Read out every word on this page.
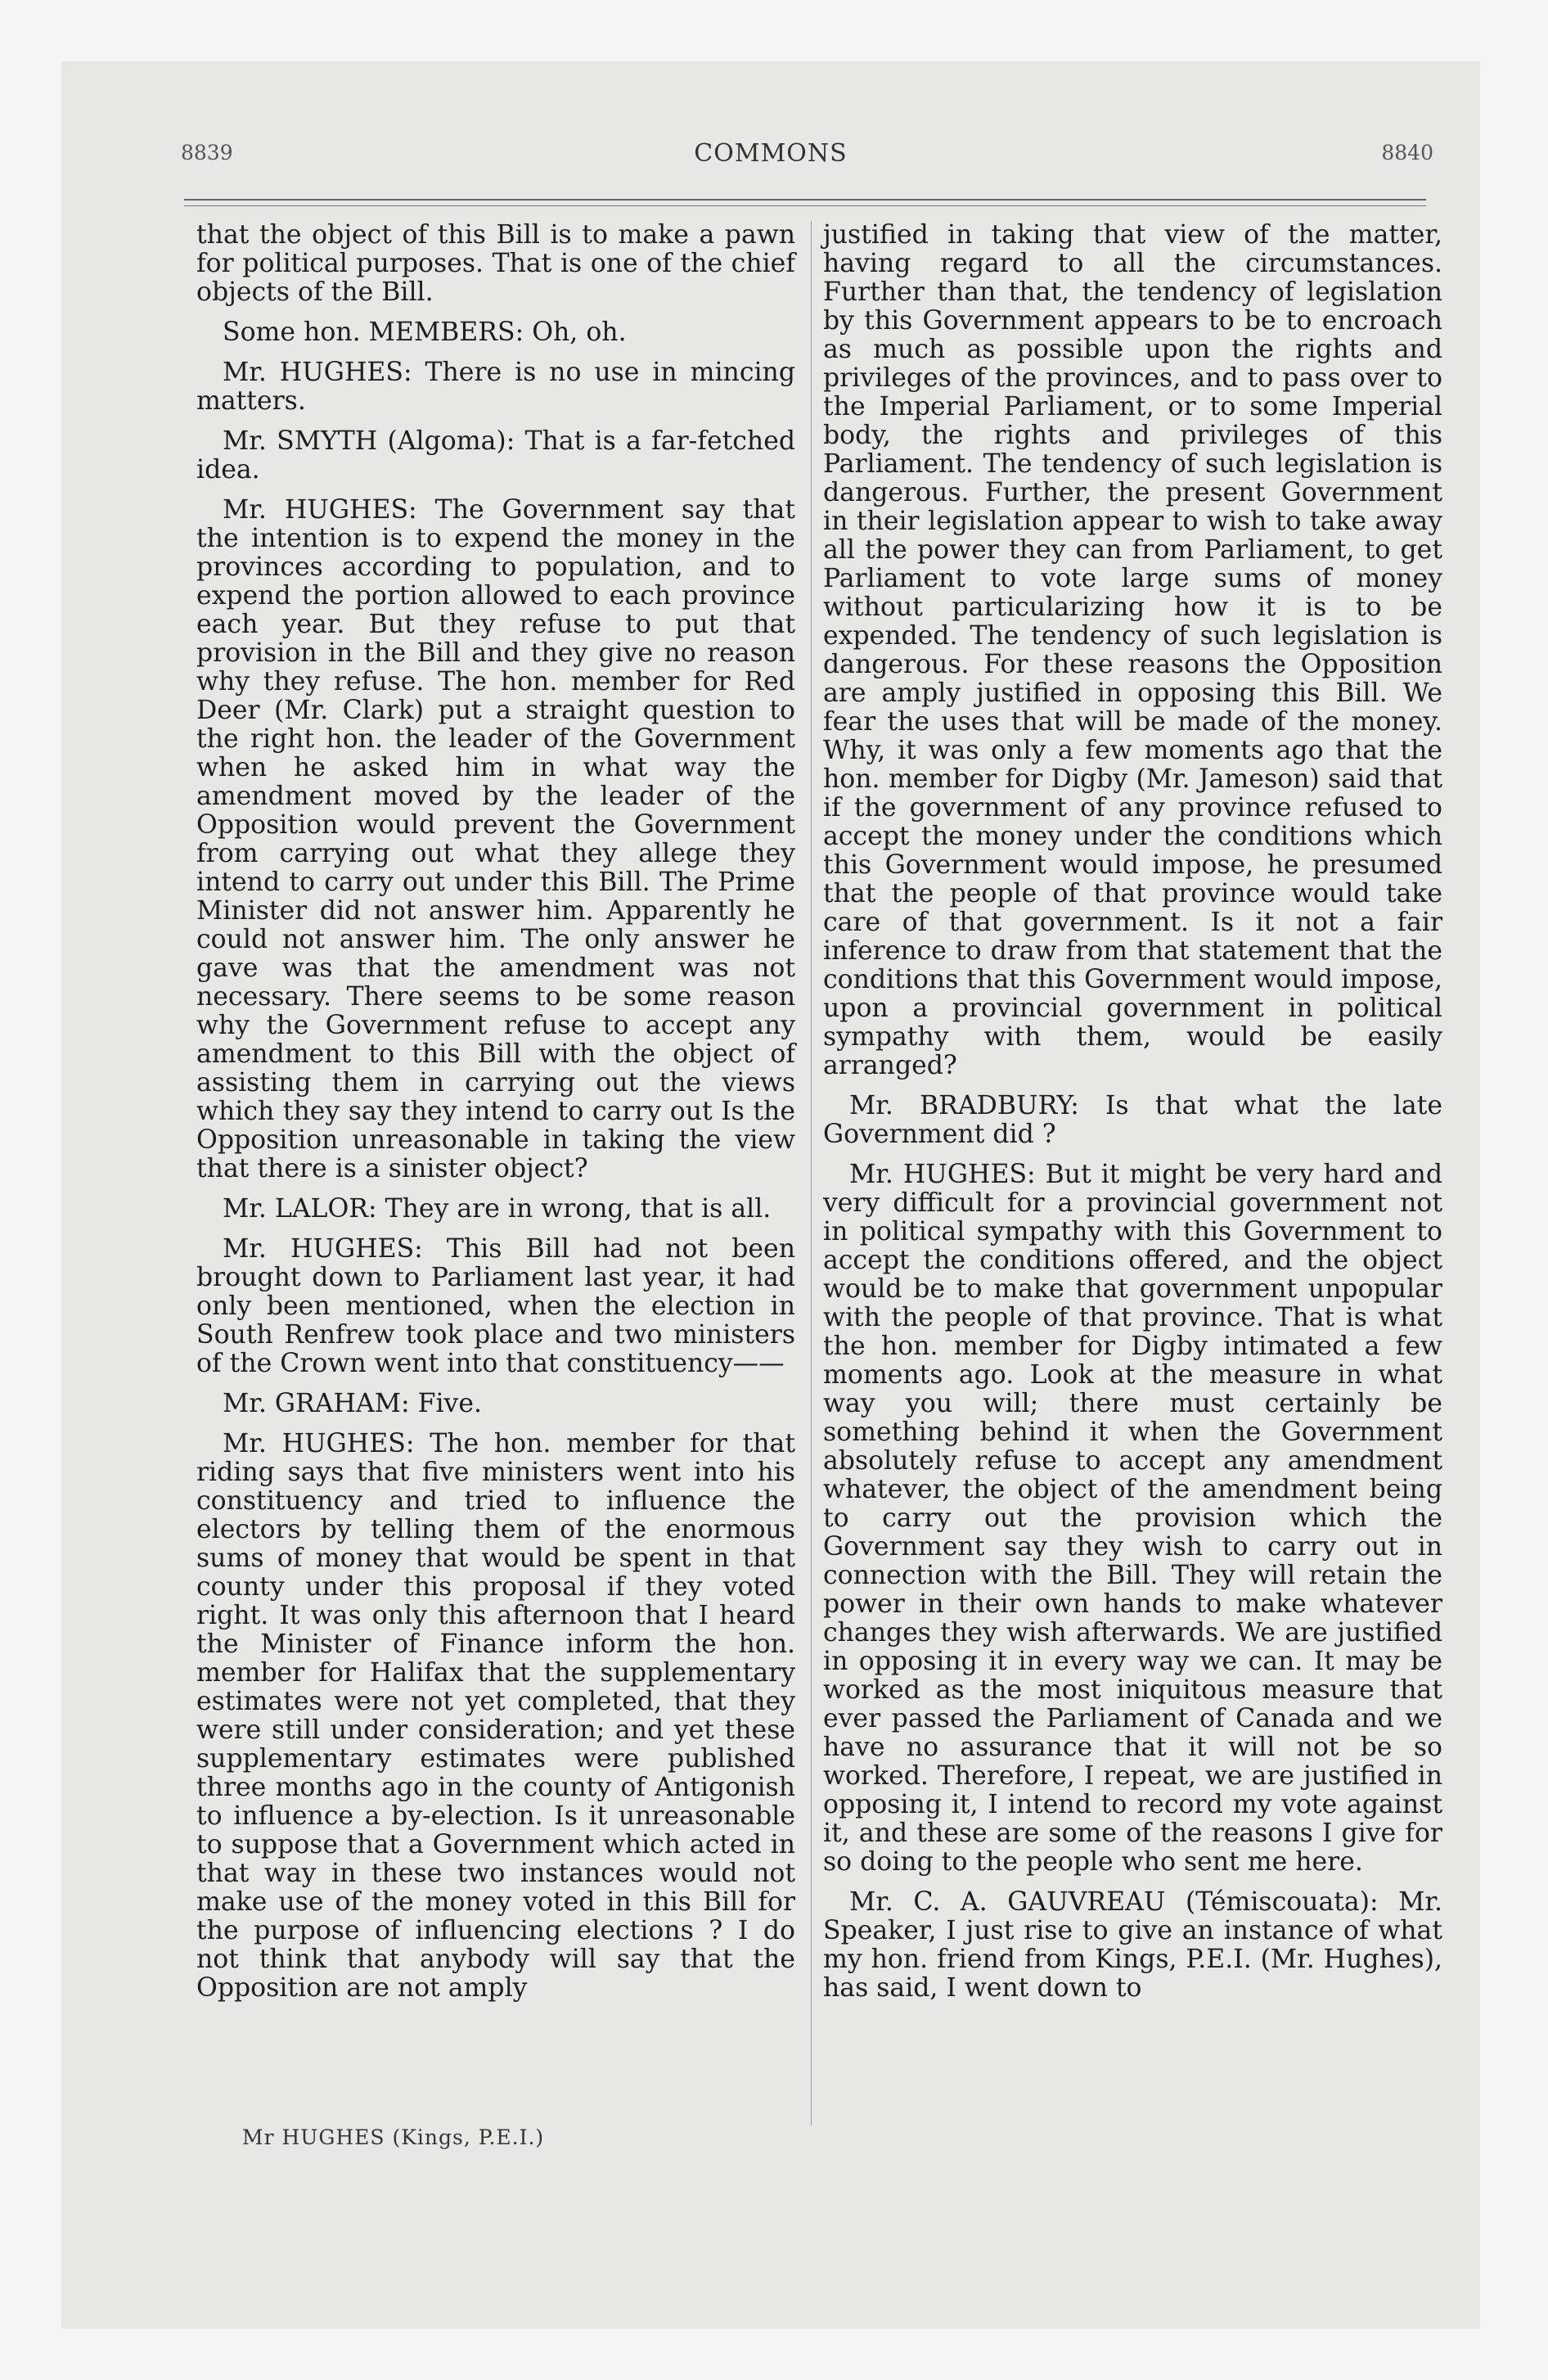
8839	COMMONS	8840

that the object of this Bill is to make a pawn for political purposes. That is one of the chief objects of the Bill.

Some hon. MEMBERS: Oh, oh.

Mr. HUGHES: There is no use in mincing matters.

Mr. SMYTH (Algoma): That is a far-fetched idea.

Mr. HUGHES: The Government say that the intention is to expend the money in the provinces according to population, and to expend the portion allowed to each province each year. But they refuse to put that provision in the Bill and they give no reason why they refuse. The hon. member for Red Deer (Mr. Clark) put a straight question to the right hon. the leader of the Government when he asked him in what way the amendment moved by the leader of the Opposition would prevent the Government from carrying out what they allege they intend to carry out under this Bill. The Prime Minister did not answer him. Apparently he could not answer him. The only answer he gave was that the amendment was not necessary. There seems to be some reason why the Government refuse to accept any amendment to this Bill with the object of assisting them in carrying out the views which they say they intend to carry out Is the Opposition unreasonable in taking the view that there is a sinister object?

Mr. LALOR: They are in wrong, that is all.

Mr. HUGHES: This Bill had not been brought down to Parliament last year, it had only been mentioned, when the election in South Renfrew took place and two ministers of the Crown went into that constituency——

Mr. GRAHAM: Five.

Mr. HUGHES: The hon. member for that riding says that five ministers went into his constituency and tried to influence the electors by telling them of the enormous sums of money that would be spent in that county under this proposal if they voted right. It was only this afternoon that I heard the Minister of Finance inform the hon. member for Halifax that the supplementary estimates were not yet completed, that they were still under consideration; and yet these supplementary estimates were published three months ago in the county of Antigonish to influence a by-election. Is it unreasonable to suppose that a Government which acted in that way in these two instances would not make use of the money voted in this Bill for the purpose of influencing elections ? I do not think that anybody will say that the Opposition are not amply

justified in taking that view of the matter, having regard to all the circumstances. Further than that, the tendency of legislation by this Government appears to be to encroach as much as possible upon the rights and privileges of the provinces, and to pass over to the Imperial Parliament, or to some Imperial body, the rights and privileges of this Parliament. The tendency of such legislation is dangerous. Further, the present Government in their legislation appear to wish to take away all the power they can from Parliament, to get Parliament to vote large sums of money without particularizing how it is to be expended. The tendency of such legislation is dangerous. For these reasons the Opposition are amply justified in opposing this Bill. We fear the uses that will be made of the money. Why, it was only a few moments ago that the hon. member for Digby (Mr. Jameson) said that if the government of any province refused to accept the money under the conditions which this Government would impose, he presumed that the people of that province would take care of that government. Is it not a fair inference to draw from that statement that the conditions that this Government would impose, upon a provincial government in political sympathy with them, would be easily arranged?

Mr. BRADBURY: Is that what the late Government did ?

Mr. HUGHES: But it might be very hard and very difficult for a provincial government not in political sympathy with this Government to accept the conditions offered, and the object would be to make that government unpopular with the people of that province. That is what the hon. member for Digby intimated a few moments ago. Look at the measure in what way you will; there must certainly be something behind it when the Government absolutely refuse to accept any amendment whatever, the object of the amendment being to carry out the provision which the Government say they wish to carry out in connection with the Bill. They will retain the power in their own hands to make whatever changes they wish afterwards. We are justified in opposing it in every way we can. It may be worked as the most iniquitous measure that ever passed the Parliament of Canada and we have no assurance that it will not be so worked. Therefore, I repeat, we are justified in opposing it, I intend to record my vote against it, and these are some of the reasons I give for so doing to the people who sent me here.

Mr. C. A. GAUVREAU (Témiscouata): Mr. Speaker, I just rise to give an instance of what my hon. friend from Kings, P.E.I. (Mr. Hughes), has said, I went down to

Mr HUGHES (Kings, P.E.I.)
